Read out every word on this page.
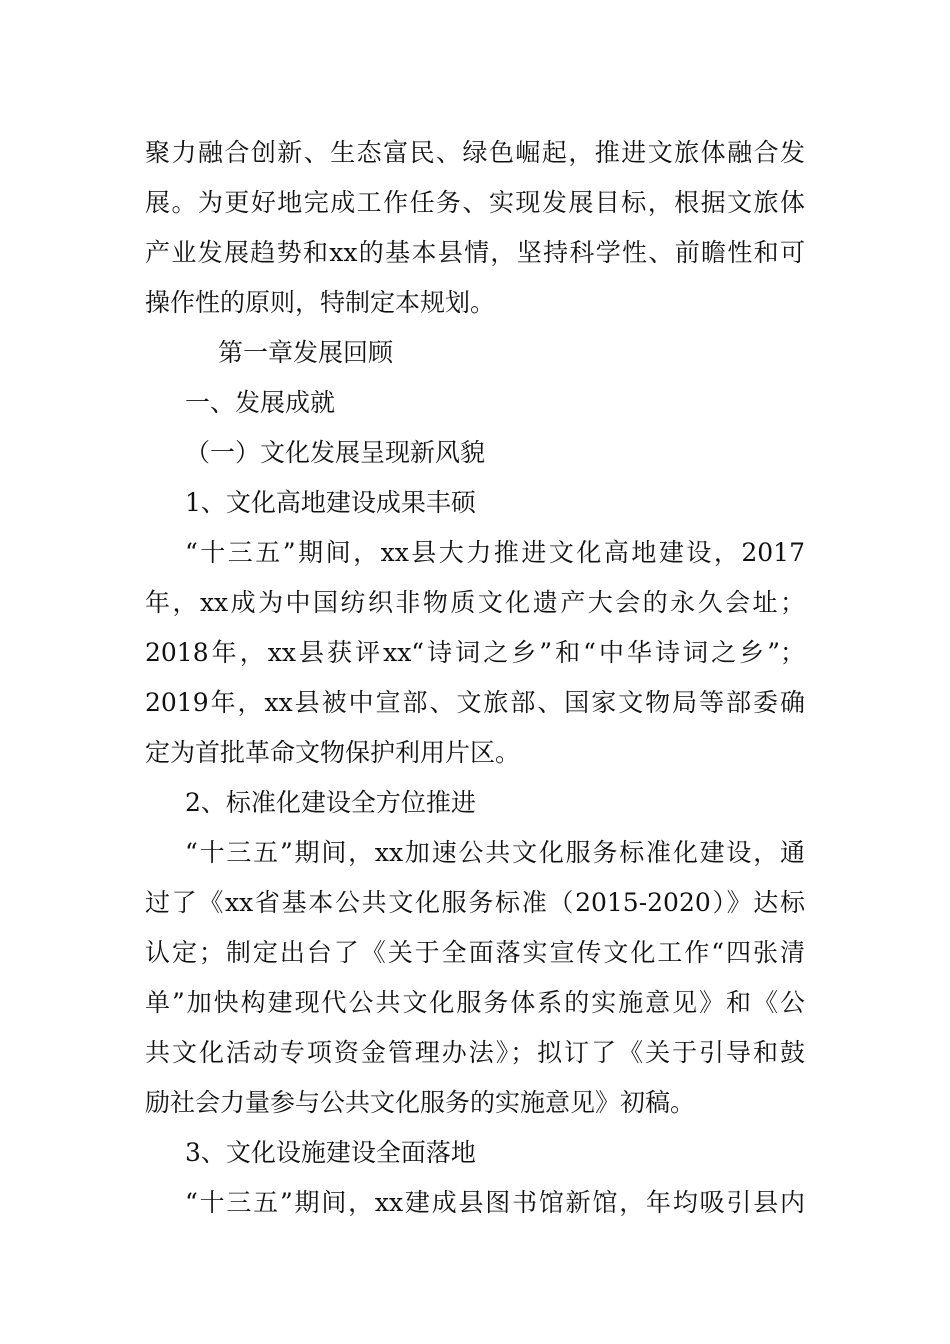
聚力融合创新、生态富民、绿色崛起，推进文旅体融合发
展。为更好地完成工作任务、实现发展目标，根据文旅体
产业发展趋势和xx的基本县情，坚持科学性、前瞻性和可
操作性的原则，特制定本规划。
第一章发展回顾
一、发展成就
（一）文化发展呈现新风貌
1、文化高地建设成果丰硕
“十三五”期间，xx县大力推进文化高地建设，2017
年，xx成为中国纺织非物质文化遗产大会的永久会址；
2018年，xx县获评xx“诗词之乡”和“中华诗词之乡”；
2019年，xx县被中宣部、文旅部、国家文物局等部委确
定为首批革命文物保护利用片区。
2、标准化建设全方位推进
“十三五”期间，xx加速公共文化服务标准化建设，通
过了《xx省基本公共文化服务标准（2015-2020）》达标
认定；制定出台了《关于全面落实宣传文化工作“四张清
单”加快构建现代公共文化服务体系的实施意见》和《公
共文化活动专项资金管理办法》；拟订了《关于引导和鼓
励社会力量参与公共文化服务的实施意见》初稿。
3、文化设施建设全面落地
“十三五”期间，xx建成县图书馆新馆，年均吸引县内
